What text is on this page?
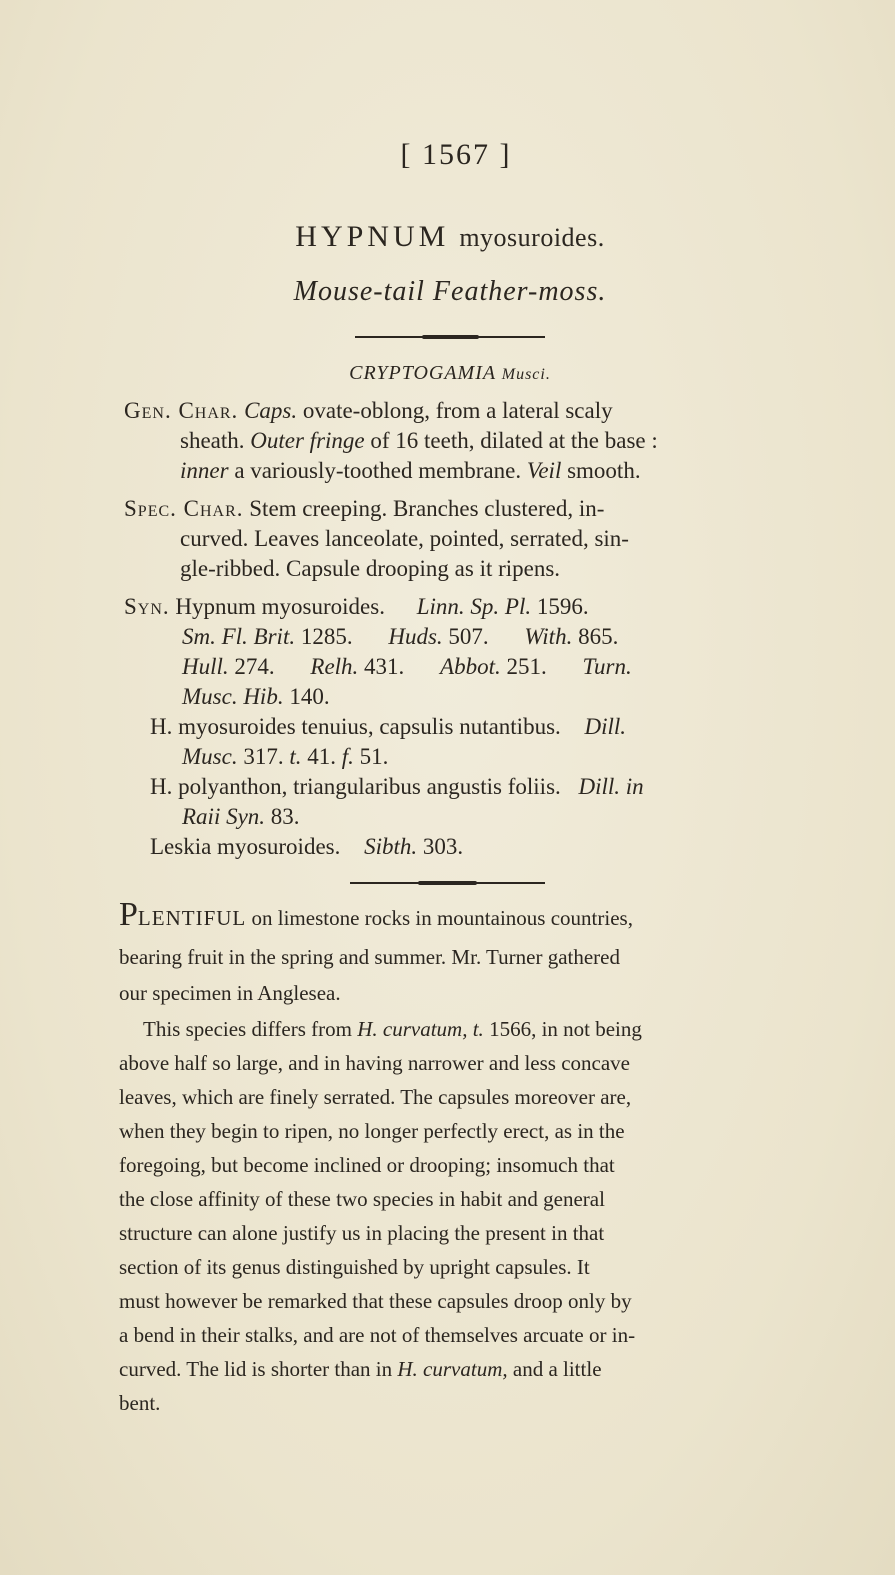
[ 1567 ]
HYPNUM myosuroides.
Mouse-tail Feather-moss.
CRYPTOGAMIA Musci.
Gen. Char. Caps. ovate-oblong, from a lateral scaly
sheath. Outer fringe of 16 teeth, dilated at the base :
inner a variously-toothed membrane. Veil smooth.
Spec. Char. Stem creeping. Branches clustered, in-
curved. Leaves lanceolate, pointed, serrated, sin-
gle-ribbed. Capsule drooping as it ripens.
Syn. Hypnum myosuroides. Linn. Sp. Pl. 1596.
Sm. Fl. Brit. 1285. Huds. 507. With. 865.
Hull. 274. Relh. 431. Abbot. 251. Turn.
Musc. Hib. 140.
H. myosuroides tenuius, capsulis nutantibus. Dill.
Musc. 317. t. 41. f. 51.
H. polyanthon, triangularibus angustis foliis. Dill. in
Raii Syn. 83.
Leskia myosuroides. Sibth. 303.
PLENTIFUL on limestone rocks in mountainous countries,
bearing fruit in the spring and summer. Mr. Turner gathered
our specimen in Anglesea.
This species differs from H. curvatum, t. 1566, in not being
above half so large, and in having narrower and less concave
leaves, which are finely serrated. The capsules moreover are,
when they begin to ripen, no longer perfectly erect, as in the
foregoing, but become inclined or drooping; insomuch that
the close affinity of these two species in habit and general
structure can alone justify us in placing the present in that
section of its genus distinguished by upright capsules. It
must however be remarked that these capsules droop only by
a bend in their stalks, and are not of themselves arcuate or in-
curved. The lid is shorter than in H. curvatum, and a little
bent.
